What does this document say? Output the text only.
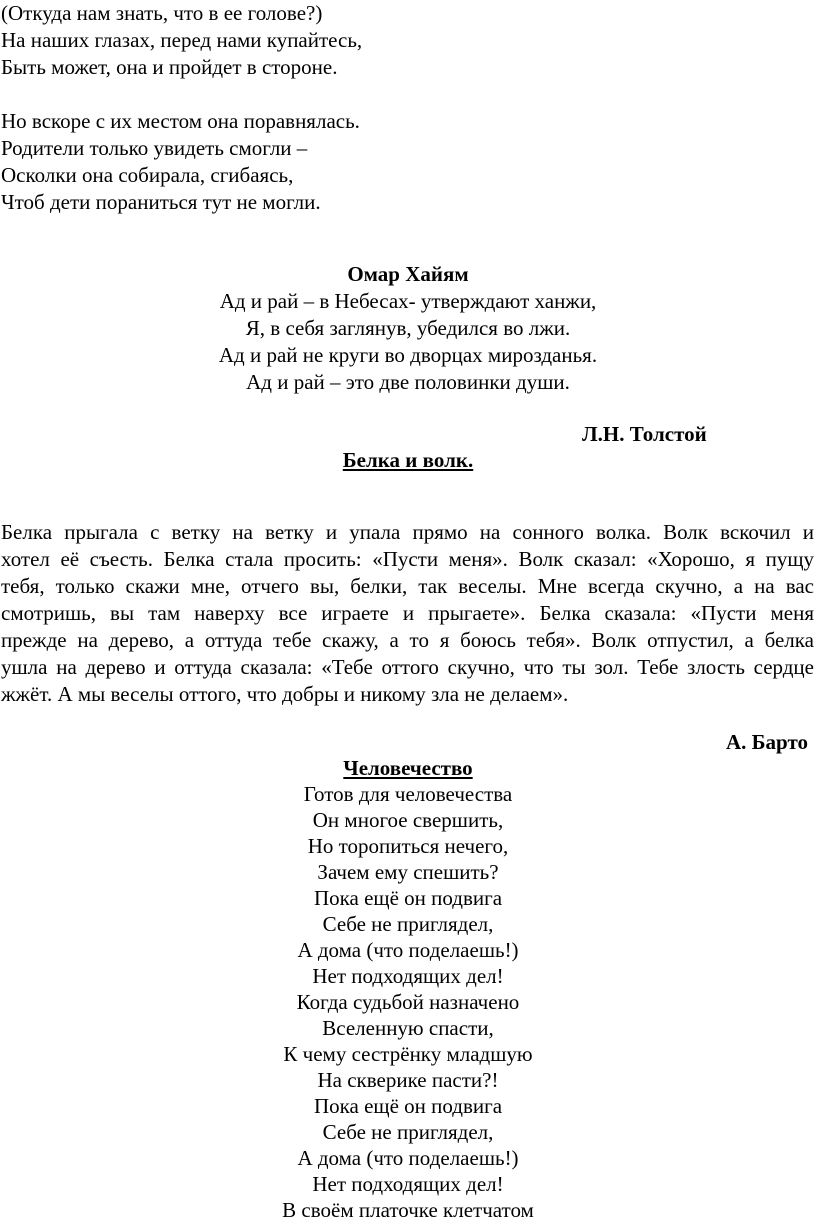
(Откуда нам знать, что в ее голове?)
На наших глазах, перед нами купайтесь,
Быть может, она и пройдет в стороне.
Но вскоре с их местом она поравнялась.
Родители только увидеть смогли –
Осколки она собирала, сгибаясь,
Чтоб дети пораниться тут не могли.
Омар Хайям
Ад и рай – в Небесах- утверждают ханжи,
Я, в себя заглянув, убедился во лжи.
Ад и рай не круги во дворцах мирозданья.
Ад и рай – это две половинки души.
Л.Н. Толстой
Белка и волк.
Белка прыгала с ветку на ветку и упала прямо на сонного волка. Волк вскочил и
хотел её съесть. Белка стала просить: «Пусти меня». Волк сказал: «Хорошо, я пущу
тебя, только скажи мне, отчего вы, белки, так веселы. Мне всегда скучно, а на вас
смотришь, вы там наверху все играете и прыгаете». Белка сказала: «Пусти меня
прежде на дерево, а оттуда тебе скажу, а то я боюсь тебя». Волк отпустил, а белка
ушла на дерево и оттуда сказала: «Тебе оттого скучно, что ты зол. Тебе злость сердце
жжёт. А мы веселы оттого, что добры и никому зла не делаем».
А. Барто
Человечество
Готов для человечества
Он многое свершить,
Но торопиться нечего,
Зачем ему спешить?
Пока ещё он подвига
Себе не приглядел,
А дома (что поделаешь!)
Нет подходящих дел!
Когда судьбой назначено
Вселенную спасти,
К чему сестрёнку младшую
На скверике пасти?!
Пока ещё он подвига
Себе не приглядел,
А дома (что поделаешь!)
Нет подходящих дел!
В своём платочке клетчатом
